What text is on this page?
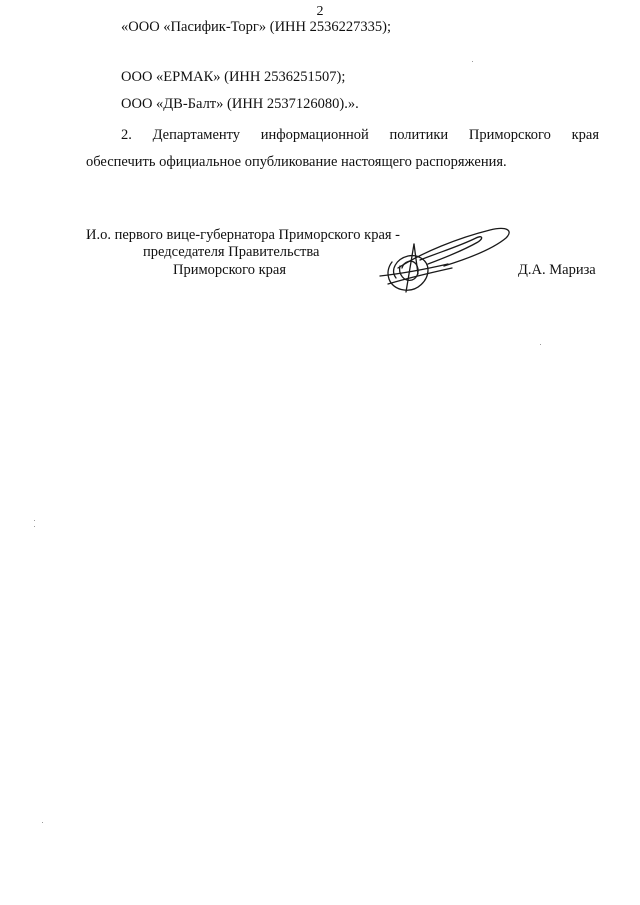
2
«ООО «Пасифик-Торг» (ИНН 2536227335);
ООО «ЕРМАК» (ИНН 2536251507);
ООО «ДВ-Балт» (ИНН 2537126080).».
2. Департаменту информационной политики Приморского края
обеспечить официальное опубликование настоящего распоряжения.
И.о. первого вице-губернатора Приморского края -
председателя Правительства
Приморского края	Д.А. Мариза
